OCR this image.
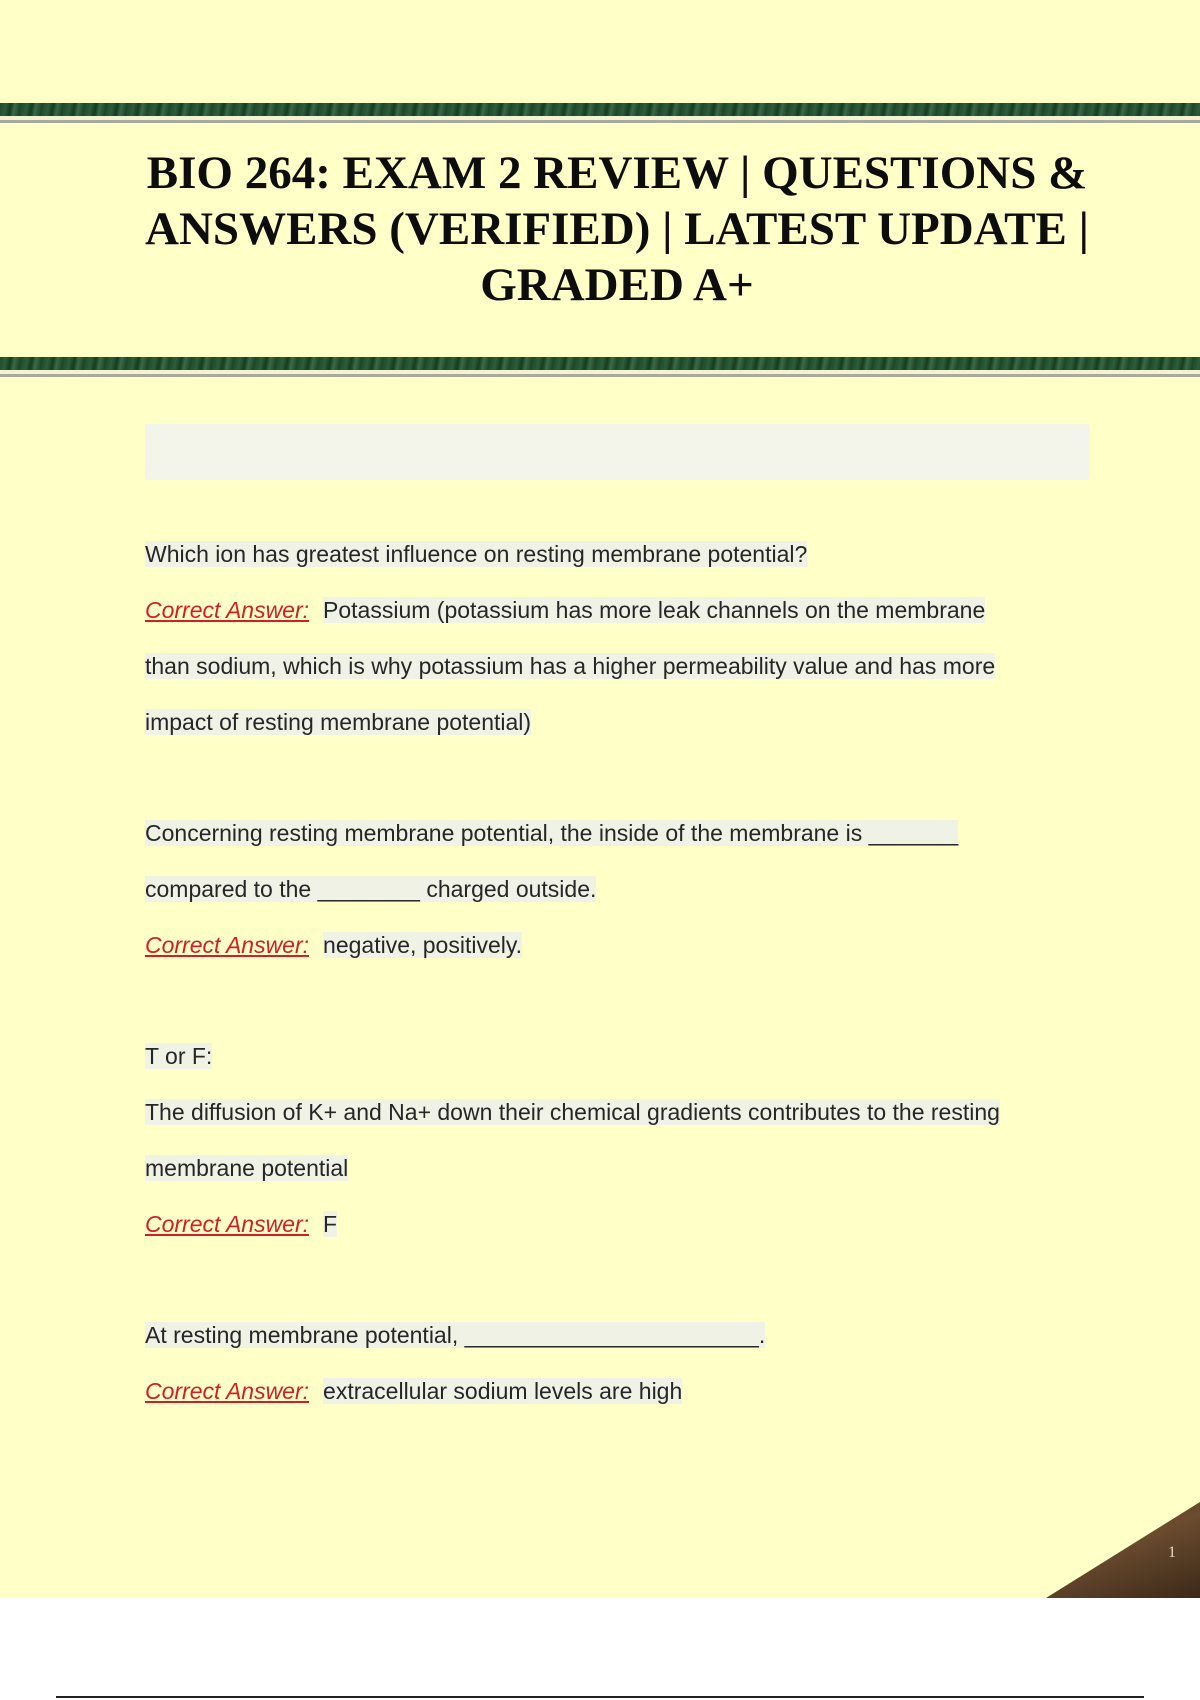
BIO 264: EXAM 2 REVIEW | QUESTIONS & ANSWERS (VERIFIED) | LATEST UPDATE | GRADED A+
Which ion has greatest influence on resting membrane potential?
Correct Answer: Potassium (potassium has more leak channels on the membrane
than sodium, which is why potassium has a higher permeability value and has more
impact of resting membrane potential)
Concerning resting membrane potential, the inside of the membrane is _______
compared to the ________ charged outside.
Correct Answer: negative, positively.
T or F:
The diffusion of K+ and Na+ down their chemical gradients contributes to the resting
membrane potential
Correct Answer: F
At resting membrane potential, _______________________.
Correct Answer: extracellular sodium levels are high
1
